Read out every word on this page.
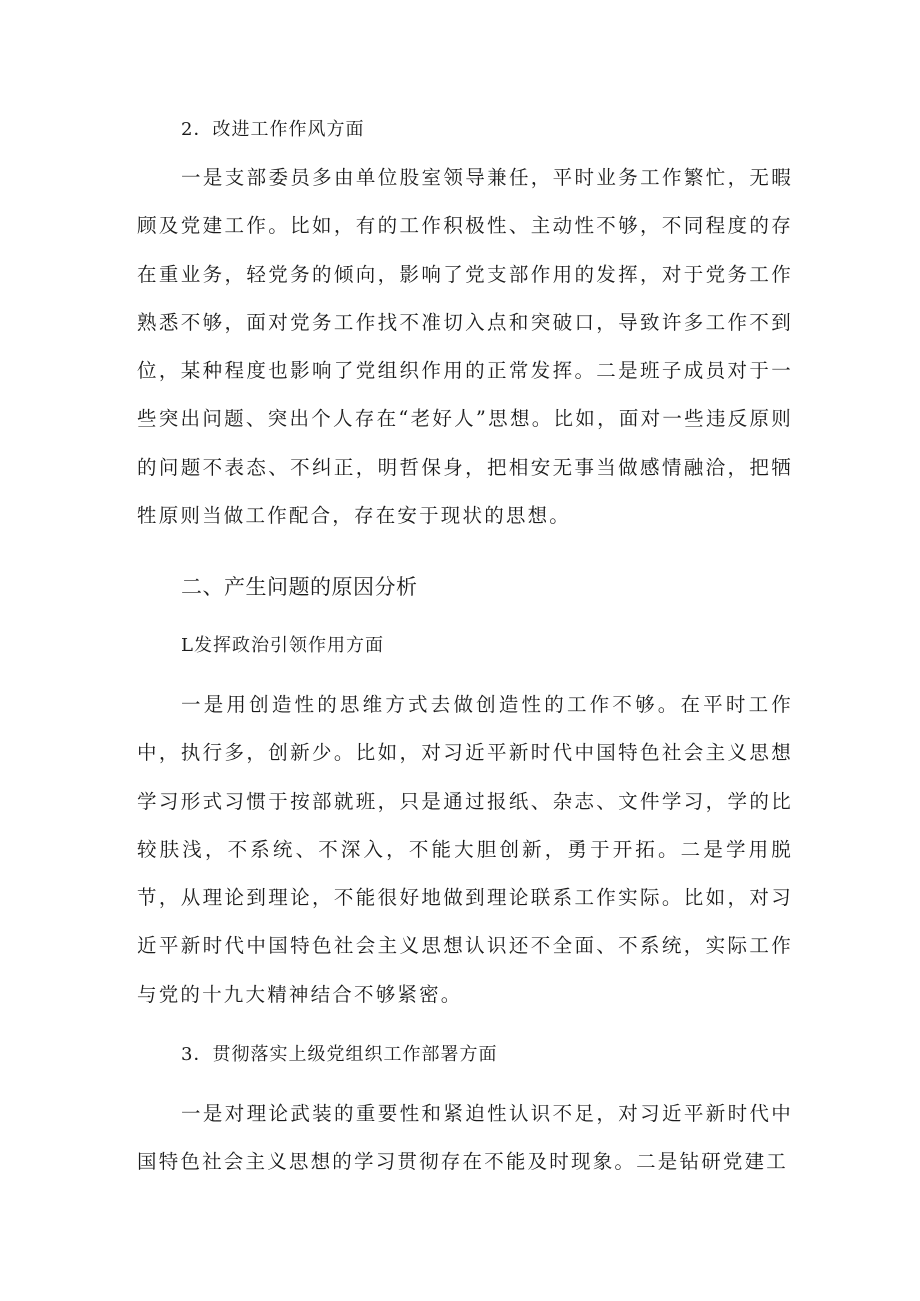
2．改进工作作风方面

一是支部委员多由单位股室领导兼任，平时业务工作繁忙，无暇顾及党建工作。比如，有的工作积极性、主动性不够，不同程度的存在重业务，轻党务的倾向，影响了党支部作用的发挥，对于党务工作熟悉不够，面对党务工作找不准切入点和突破口，导致许多工作不到位，某种程度也影响了党组织作用的正常发挥。二是班子成员对于一些突出问题、突出个人存在“老好人”思想。比如，面对一些违反原则的问题不表态、不纠正，明哲保身，把相安无事当做感情融洽，把牺牲原则当做工作配合，存在安于现状的思想。

二、产生问题的原因分析

L发挥政治引领作用方面

一是用创造性的思维方式去做创造性的工作不够。在平时工作中，执行多，创新少。比如，对习近平新时代中国特色社会主义思想学习形式习惯于按部就班，只是通过报纸、杂志、文件学习，学的比较肤浅，不系统、不深入，不能大胆创新，勇于开拓。二是学用脱节，从理论到理论，不能很好地做到理论联系工作实际。比如，对习近平新时代中国特色社会主义思想认识还不全面、不系统，实际工作与党的十九大精神结合不够紧密。

3．贯彻落实上级党组织工作部署方面

一是对理论武装的重要性和紧迫性认识不足，对习近平新时代中国特色社会主义思想的学习贯彻存在不能及时现象。二是钻研党建工
